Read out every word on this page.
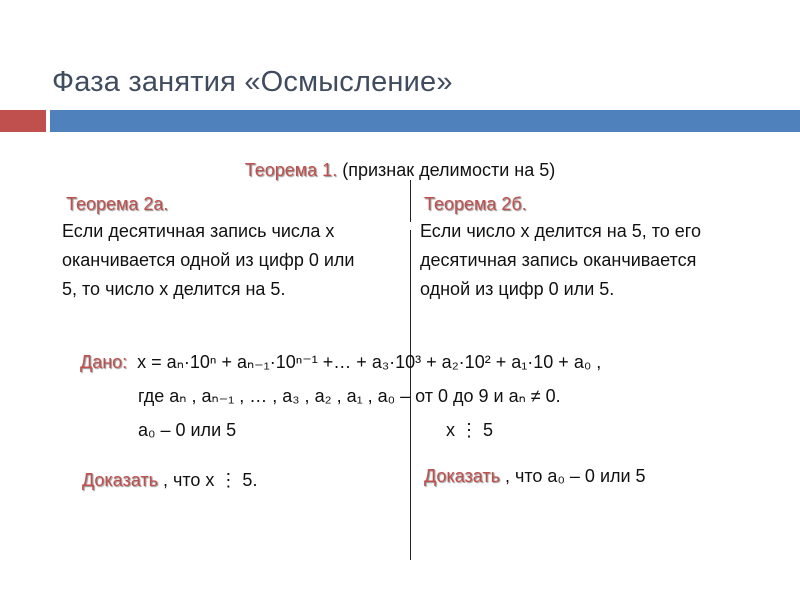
Фаза занятия «Осмысление»
Теорема 1. (признак делимости на 5)
Теорема 2а.	Теорема 2б.
Если десятичная запись числа x
оканчивается одной из цифр 0 или
5, то число x делится на 5.
Если число x делится на 5, то его
десятичная запись оканчивается
одной из цифр 0 или 5.
Дано: x = aₙ·10ⁿ + aₙ₋₁·10ⁿ⁻¹ +… + a₃·10³ + a₂·10² + a₁·10 + a₀ ,
где aₙ , aₙ₋₁ , … , a₃ , a₂ , a₁ , a₀ – от 0 до 9 и aₙ ≠ 0.
a₀ – 0 или 5	x ⋮ 5
Доказать , что x ⋮ 5.	Доказать , что a₀ – 0 или 5
